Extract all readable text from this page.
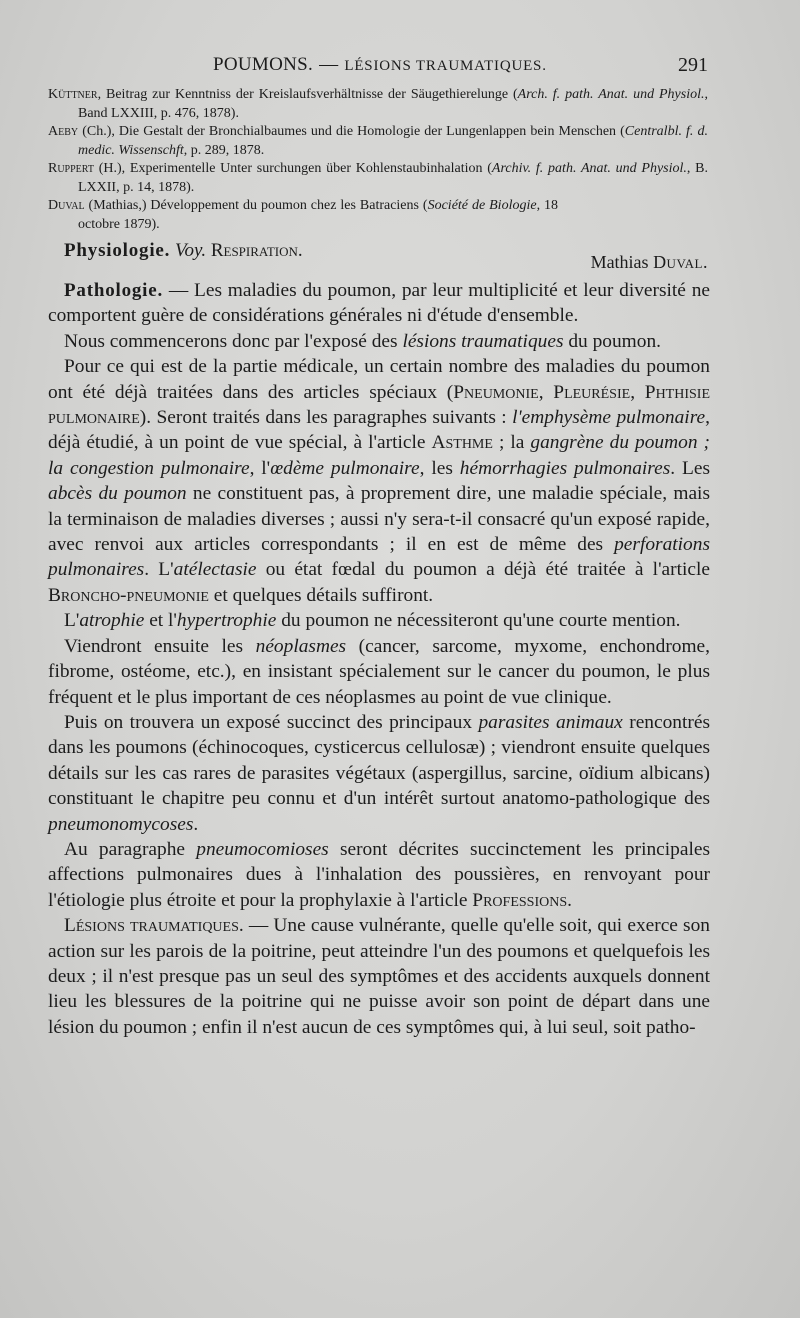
POUMONS. — LÉSIONS TRAUMATIQUES.	291

Küttner, Beitrag zur Kenntniss der Kreislaufsverhältnisse der Säugethierelunge (Arch. f. path. Anat. und Physiol., Band LXXIII, p. 476, 1878).

Aeby (Ch.), Die Gestalt der Bronchialbaumes und die Homologie der Lungenlappen bein Menschen (Centralbl. f. d. medic. Wissenschft, p. 289, 1878.

Ruppert (H.), Experimentelle Unter surchungen über Kohlenstaubinhalation (Archiv. f. path. Anat. und Physiol., B. LXXII, p. 14, 1878).

Duval (Mathias,) Développement du poumon chez les Batraciens (Société de Biologie, 18 octobre 1879).

Mathias Duval.
Physiologie. Voy. Respiration.

Pathologie. — Les maladies du poumon, par leur multiplicité et leur diversité ne comportent guère de considérations générales ni d'étude d'ensemble.

Nous commencerons donc par l'exposé des lésions traumatiques du poumon.

Pour ce qui est de la partie médicale, un certain nombre des maladies du poumon ont été déjà traitées dans des articles spéciaux (Pneumonie, Pleurésie, Phthisie pulmonaire). Seront traités dans les paragraphes suivants : l'emphysème pulmonaire, déjà étudié, à un point de vue spécial, à l'article Asthme ; la gangrène du poumon ; la congestion pulmonaire, l'œdème pulmonaire, les hémorrhagies pulmonaires. Les abcès du poumon ne constituent pas, à proprement dire, une maladie spéciale, mais la terminaison de maladies diverses ; aussi n'y sera-t-il consacré qu'un exposé rapide, avec renvoi aux articles correspondants ; il en est de même des perforations pulmonaires. L'atélectasie ou état fœdal du poumon a déjà été traitée à l'article Broncho-pneumonie et quelques détails suffiront.

L'atrophie et l'hypertrophie du poumon ne nécessiteront qu'une courte mention.

Viendront ensuite les néoplasmes (cancer, sarcome, myxome, enchondrome, fibrome, ostéome, etc.), en insistant spécialement sur le cancer du poumon, le plus fréquent et le plus important de ces néoplasmes au point de vue clinique.

Puis on trouvera un exposé succinct des principaux parasites animaux rencontrés dans les poumons (échinocoques, cysticercus cellulosæ) ; viendront ensuite quelques détails sur les cas rares de parasites végétaux (aspergillus, sarcine, oïdium albicans) constituant le chapitre peu connu et d'un intérêt surtout anatomo-pathologique des pneumonomycoses.

Au paragraphe pneumocomioses seront décrites succinctement les principales affections pulmonaires dues à l'inhalation des poussières, en renvoyant pour l'étiologie plus étroite et pour la prophylaxie à l'article Professions.

Lésions traumatiques. — Une cause vulnérante, quelle qu'elle soit, qui exerce son action sur les parois de la poitrine, peut atteindre l'un des poumons et quelquefois les deux ; il n'est presque pas un seul des symptômes et des accidents auxquels donnent lieu les blessures de la poitrine qui ne puisse avoir son point de départ dans une lésion du poumon ; enfin il n'est aucun de ces symptômes qui, à lui seul, soit patho-
